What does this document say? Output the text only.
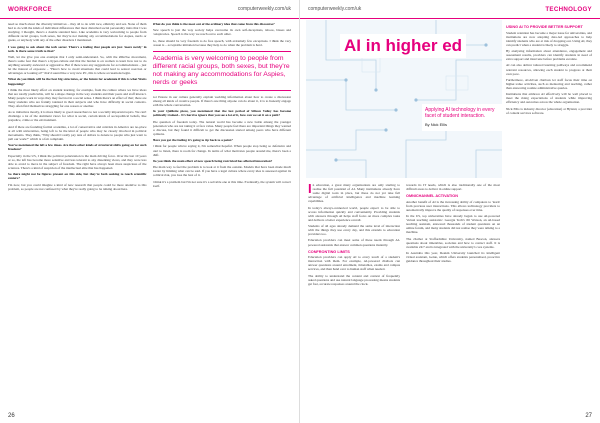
WORKFORCE	computerweekly.com/uk

need so much about the diversity initiatives – they all to do with race, ethnicity and sex. None of them had to do with the kinds of individual differences that most disturbed social personality traits that I was studying. I thought, there's a double standard here. Like academia is very welcoming to people from different racial groups, both sexes, but they're not making any accommodations for Aspies, nerds or geeks, or anybody with any of the other disorders I mentioned.

I was going to ask about the tech sector. There's a feeling that people are just 'more nerdy' in tech. Is there some truth to that?

Well, let me give you one example that I only semi-understand. So, with the #MeToo movement, there's some fear that there's a hyper-culture and that the burden is on women to learn how not to do anything sexually awkward or aggressive. But if there were any suggestions for accommodations – just let the interest of exposure – "Here's how to avoid situations that could lead to sexual coercion or advantages or looking at?" that'd sound like a very new PC, this is where accusations begin.

What do you think will be the best big structures, or the future for academia if this is what Watts happening?

I think the most likely effect on student learning, for example, from the culture where we have ideas that are totally predictable, will be a shape change in the way students and their peers and staff interact. Many people work in ways they may feel not in a social sense. I think there's an effect of that; there are many students who are frankly talented in their subjects and who have difficulty in social contexts. They often find themselves struggling for one reason or another.

As to initiatives mostly, it is more likely to good researchers to not a socially important topics. We can't challenge a lot of the dominant views for what is social, certain kinds of sociopolitical beliefs, like prejudice, crime or the environment.

And if there are founding formal academia, a lot of conservative and centrists in America are no-place at all with universities, being left to be the kind of people who may be closely involved in political movements. They think, "Why should I really pay tens of dollars to donate to people who just want to pull our work?" which is a fair complaint.

You've mentioned the left a few times. Are there other kinds of structural shifts going on for such freedom?

Especially in the US, I think the political polarization is the main driving force. Over the last 10 years or so, the left has become more sensitive and less tolerant to any dissenting views, and they were less able to avoid to move in the subject of freedom. The right have always been more suspicious of the sciences. There's a kind of suspicion of the intellectual elite that has happened.

So there might not be figures present on this side, but they're both seeking to reach scientific centers?

I'm now, but you could imagine a kind of new research that people could be more attentive to this problem, so people are not confused by what they're really going to be talking about here.

What do you think is the most out of the ordinary idea that came from this discourse?

New speech is just the way society helps overcome its own self-deceptions, taboos, biases and conspiracies. Speech is the way we reach out to each other.

So, these should be very freedom to do free speech, with extremely few exceptions. I think the very reason is – acceptable imitation because they help to do when the problem is hard.

Academia is very welcoming to people from different racial groups, both sexes, but they're not making any accommodations for Aspies, nerds or geeks

not Ensure in our culture generally explain wedding information about how to create a discussion among all kinds of creative people. If there's one thing anyone can do about it, it is to honestly engage with the whole conversation.

In your Quillette piece, you mentioned that the last period of Silicon Valley has become politically trained... It's hard to ignore that you see a lot of it, how can we set it on a path?

The question of freedom today. The natural world has become a new battle among the younger generation who are not taking it at face value. Many people feel there are important things they wanted to discuss, but they found it difficult to get the discussion started among peers who have different opinions.

Have you got the feeling it's going to tip back to a point?

I think for people who're saying it, I'm somewhat hopeful. When people stop being so defensive and start to listen, there is room for change. In terms of what motivates people around me, there's been a shift.

Do you think the main effect of new speech being restricted has affected innovation?

The main way to feel the problem is to look at it from the outside. Models that have been made much harder by limiting what can be said. If you have a legal culture where every idea is assessed against its political risk, you lose the best of it.

I think it's a problem but I'm not sure it's a solvable one at this time. Eventually, the system will correct itself.

26
computerweekly.com/uk	TECHNOLOGY
AI in higher ed
Applying AI technology in every facet of student interaction.
By Nick Ellis

In education, a great many organisations are only starting to realise the full potential of AI. Many institutions already have some digital tools in place, but these do not yet take full advantage of artificial intelligence and machine learning capabilities.

In today's always-connected world, people expect to be able to access information quickly and conveniently. Providing students with answers through AI helps staff focus on more complex tasks and delivers a better experience overall.

Students of all ages already demand the same level of interaction with the things they use every day, and this extends to education providers too.

Education providers can meet some of these needs through AI-powered assistants that answer common questions instantly.

CONFRONTING LIMITS

Education providers can apply AI to every touch of a student's interaction with them. For example, AI-powered chatbots can answer questions around enrolment, timetables, exams and campus services, and then hand over to human staff when needed.

The ability to understand the content and context of frequently asked questions and use natural language processing means students get fast, accurate responses around the clock.

towards its IT needs, which is also traditionally one of the most difficult areas to deliver in online support.

OMNICHANNEL ACTIVATION

Another benefit of AI is the increasing ability of computers to 'learn' from previous user interactions. This allows technology providers to automatically improve the quality of responses over time.

In the US, top universities have already begun to use AI-powered 'virtual teaching assistants'. Georgia Tech's Jill Watson, an AI-based teaching assistant, answered thousands of student questions on an online forum, and many students did not realise they were talking to a machine.

The chatbot at Staffordshire University, named Beacon, answers questions about timetables, societies and how to contact staff. It is available 24/7 and is integrated with the university's core systems.

In Australia this year, Deakin University launched its intelligent virtual assistant, Genie, which offers students personalised, proactive guidance throughout their studies.

USING AI TO PROVIDE BETTER SUPPORT

Student retention has become a major issue for universities, and institutions are now adopting data-led approaches to help identify students who are at risk of dropping out. Using AI, they can predict when a student is likely to struggle.

By analysing information about attendance, engagement and assessment results, providers can identify students in need of extra support and intervene before problems escalate.

AI can also deliver tailored learning pathways and recommend relevant resources, allowing each student to progress at their own pace.

Furthermore, AI-driven chatbots let staff focus their time on higher-value activities, such as mentoring and teaching, rather than answering routine administrative queries.

Institutions that embrace AI effectively will be well placed to meet the rising expectations of students while improving efficiency and outcomes across the whole organisation.

Nick Ellis is industry director (education) at Hyland, a provider of content services software.

27
